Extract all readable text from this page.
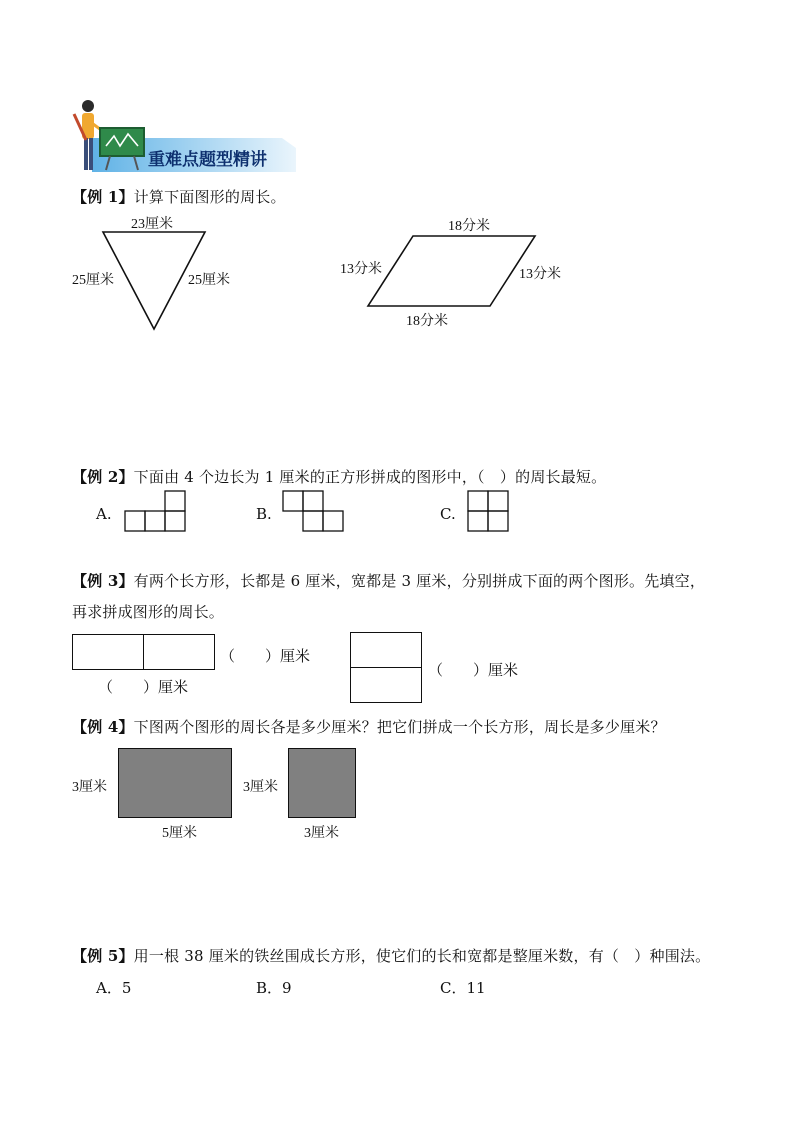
重难点题型精讲
【例 1】计算下面图形的周长。
23厘米
25厘米	25厘米
18分米
13分米	13分米
18分米
【例 2】下面由 4 个边长为 1 厘米的正方形拼成的图形中，（　）的周长最短。
A.	B.	C.
【例 3】有两个长方形，长都是 6 厘米，宽都是 3 厘米，分别拼成下面的两个图形。先填空，
再求拼成图形的周长。
（　　）厘米
（　　）厘米
（　　）厘米
【例 4】下图两个图形的周长各是多少厘米？把它们拼成一个长方形，周长是多少厘米？
3厘米
5厘米
3厘米
3厘米
【例 5】用一根 38 厘米的铁丝围成长方形，使它们的长和宽都是整厘米数，有（　）种围法。
A．5	B．9	C．11
